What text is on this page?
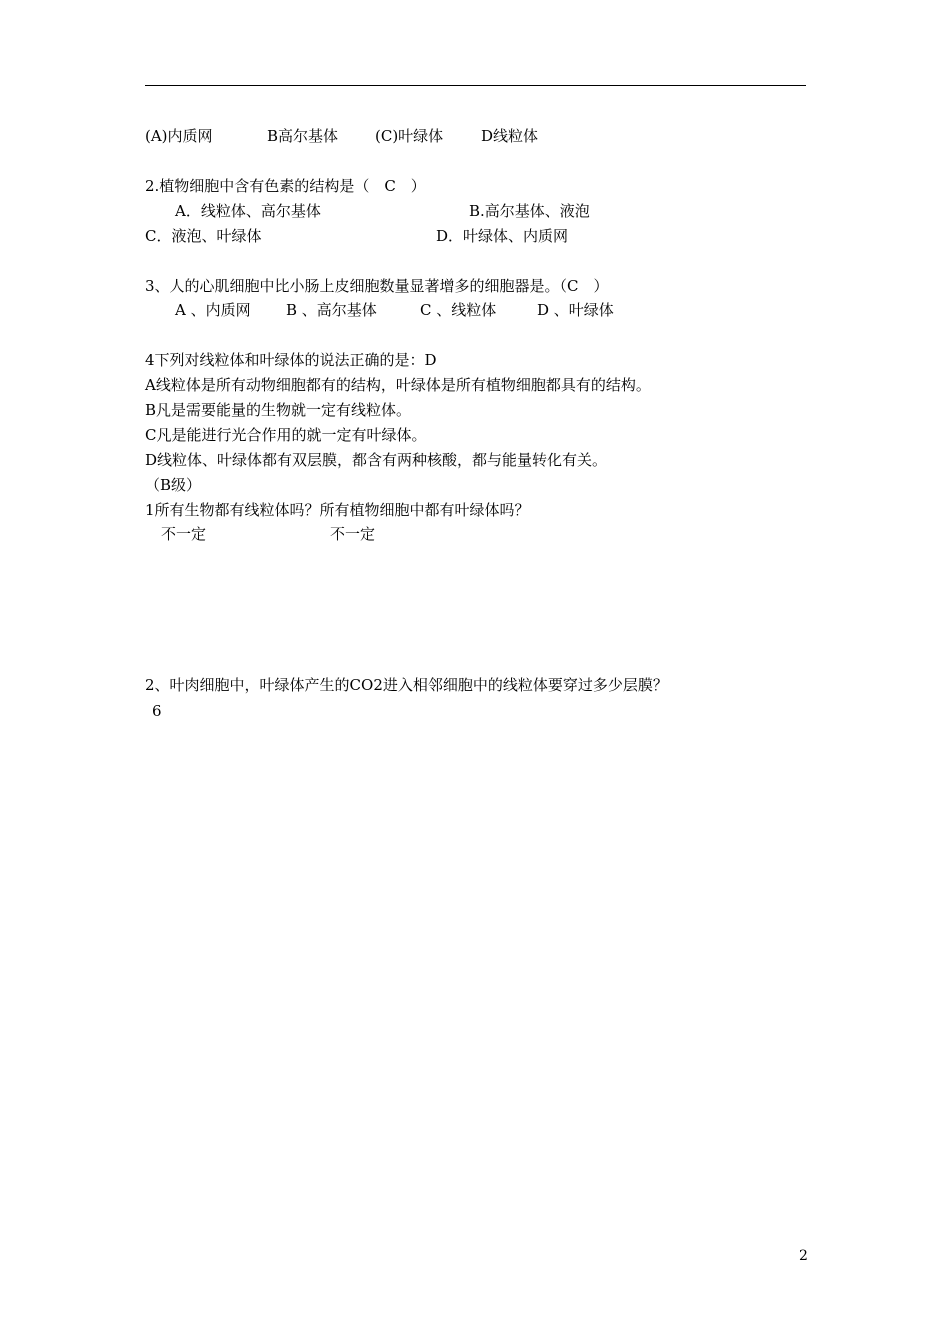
(A)内质网	B高尔基体 (C)叶绿体	D线粒体
2.植物细胞中含有色素的结构是（　C　）
A．线粒体、高尔基体	B.高尔基体、液泡
C．液泡、叶绿体	D．叶绿体、内质网
3、人的心肌细胞中比小肠上皮细胞数量显著增多的细胞器是。（C　）
A 、内质网 B 、高尔基体	C 、线粒体	D 、叶绿体
4下列对线粒体和叶绿体的说法正确的是：D
A线粒体是所有动物细胞都有的结构，叶绿体是所有植物细胞都具有的结构。
B凡是需要能量的生物就一定有线粒体。
C凡是能进行光合作用的就一定有叶绿体。
D线粒体、叶绿体都有双层膜，都含有两种核酸，都与能量转化有关。
（B级）
1所有生物都有线粒体吗？所有植物细胞中都有叶绿体吗？
不一定	不一定
2、叶肉细胞中，叶绿体产生的CO2进入相邻细胞中的线粒体要穿过多少层膜？
6
2
